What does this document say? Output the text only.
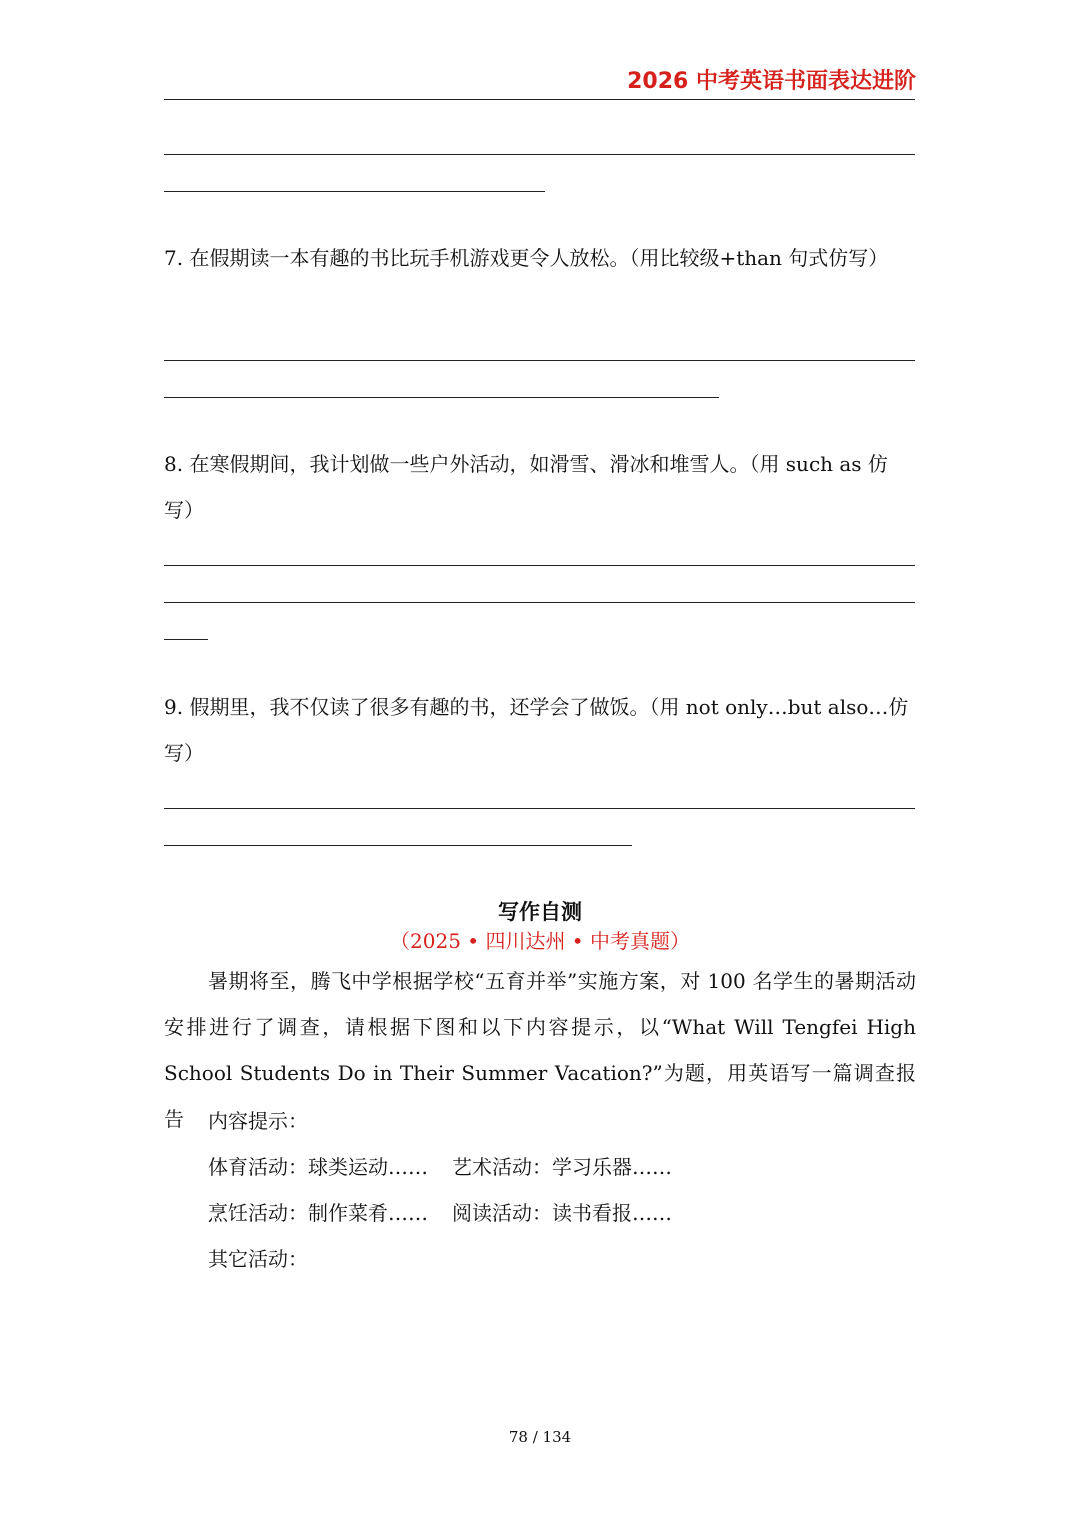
2026 中考英语书面表达进阶
7. 在假期读一本有趣的书比玩手机游戏更令人放松。（用比较级+than 句式仿写）
8. 在寒假期间，我计划做一些户外活动，如滑雪、滑冰和堆雪人。（用 such as 仿写）
9. 假期里，我不仅读了很多有趣的书，还学会了做饭。（用 not only…but also…仿写）
写作自测
（2025 • 四川达州 • 中考真题）
暑期将至，腾飞中学根据学校“五育并举”实施方案，对 100 名学生的暑期活动安排进行了调查，请根据下图和以下内容提示，以“What Will Tengfei High School Students Do in Their Summer Vacation?”为题，用英语写一篇调查报告	内容提示：
体育活动：球类运动…… 艺术活动：学习乐器……
烹饪活动：制作菜肴…… 阅读活动：读书看报……
其它活动：
78 / 134
